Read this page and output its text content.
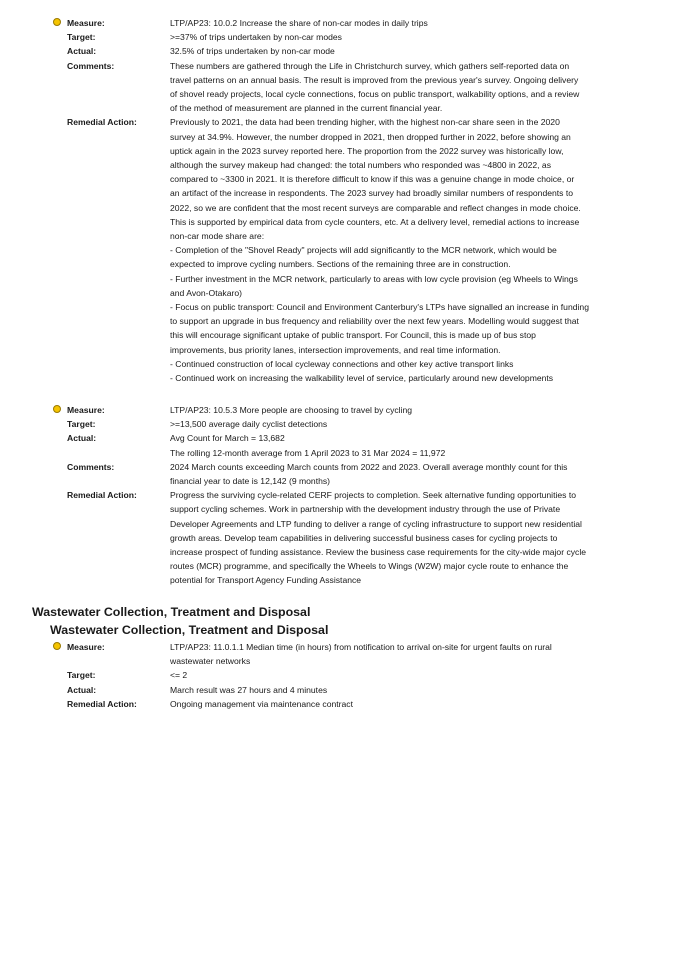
Measure:	LTP/AP23: 10.0.2 Increase the share of non-car modes in daily trips
Target:	>=37% of trips undertaken by non-car modes
Actual:	32.5% of trips undertaken by non-car mode
Comments:	These numbers are gathered through the Life in Christchurch survey, which gathers self-reported data on
travel patterns on an annual basis. The result is improved from the previous year's survey. Ongoing delivery
of shovel ready projects, local cycle connections, focus on public transport, walkability options, and a review
of the method of measurement are planned in the current financial year.
Remedial Action:	Previously to 2021, the data had been trending higher, with the highest non-car share seen in the 2020
survey at 34.9%. However, the number dropped in 2021, then dropped further in 2022, before showing an
uptick again in the 2023 survey reported here. The proportion from the 2022 survey was historically low,
although the survey makeup had changed: the total numbers who responded was ~4800 in 2022, as
compared to ~3300 in 2021. It is therefore difficult to know if this was a genuine change in mode choice, or
an artifact of the increase in respondents. The 2023 survey had broadly similar numbers of respondents to
2022, so we are confident that the most recent surveys are comparable and reflect changes in mode choice.
This is supported by empirical data from cycle counters, etc. At a delivery level, remedial actions to increase
non-car mode share are:
- Completion of the "Shovel Ready" projects will add significantly to the MCR network, which would be
expected to improve cycling numbers. Sections of the remaining three are in construction.
- Further investment in the MCR network, particularly to areas with low cycle provision (eg Wheels to Wings
and Avon-Otakaro)
- Focus on public transport: Council and Environment Canterbury's LTPs have signalled an increase in funding
to support an upgrade in bus frequency and reliability over the next few years. Modelling would suggest that
this will encourage significant uptake of public transport. For Council, this is made up of bus stop
improvements, bus priority lanes, intersection improvements, and real time information.
- Continued construction of local cycleway connections and other key active transport links
- Continued work on increasing the walkability level of service, particularly around new developments
Measure:	LTP/AP23: 10.5.3 More people are choosing to travel by cycling
Target:	>=13,500 average daily cyclist detections
Actual:	Avg Count for March = 13,682
The rolling 12-month average from 1 April 2023 to 31 Mar 2024 = 11,972
Comments:	2024 March counts exceeding March counts from 2022 and 2023. Overall average monthly count for this
financial year to date is 12,142 (9 months)
Remedial Action:	Progress the surviving cycle-related CERF projects to completion. Seek alternative funding opportunities to
support cycling schemes. Work in partnership with the development industry through the use of Private
Developer Agreements and LTP funding to deliver a range of cycling infrastructure to support new residential
growth areas. Develop team capabilities in delivering successful business cases for cycling projects to
increase prospect of funding assistance. Review the business case requirements for the city-wide major cycle
routes (MCR) programme, and specifically the Wheels to Wings (W2W) major cycle route to enhance the
potential for Transport Agency Funding Assistance
Wastewater Collection, Treatment and Disposal
Wastewater Collection, Treatment and Disposal
Measure:	LTP/AP23: 11.0.1.1 Median time (in hours) from notification to arrival on-site for urgent faults on rural
wastewater networks
Target:	<= 2
Actual:	March result was 27 hours and 4 minutes
Remedial Action:	Ongoing management via maintenance contract
